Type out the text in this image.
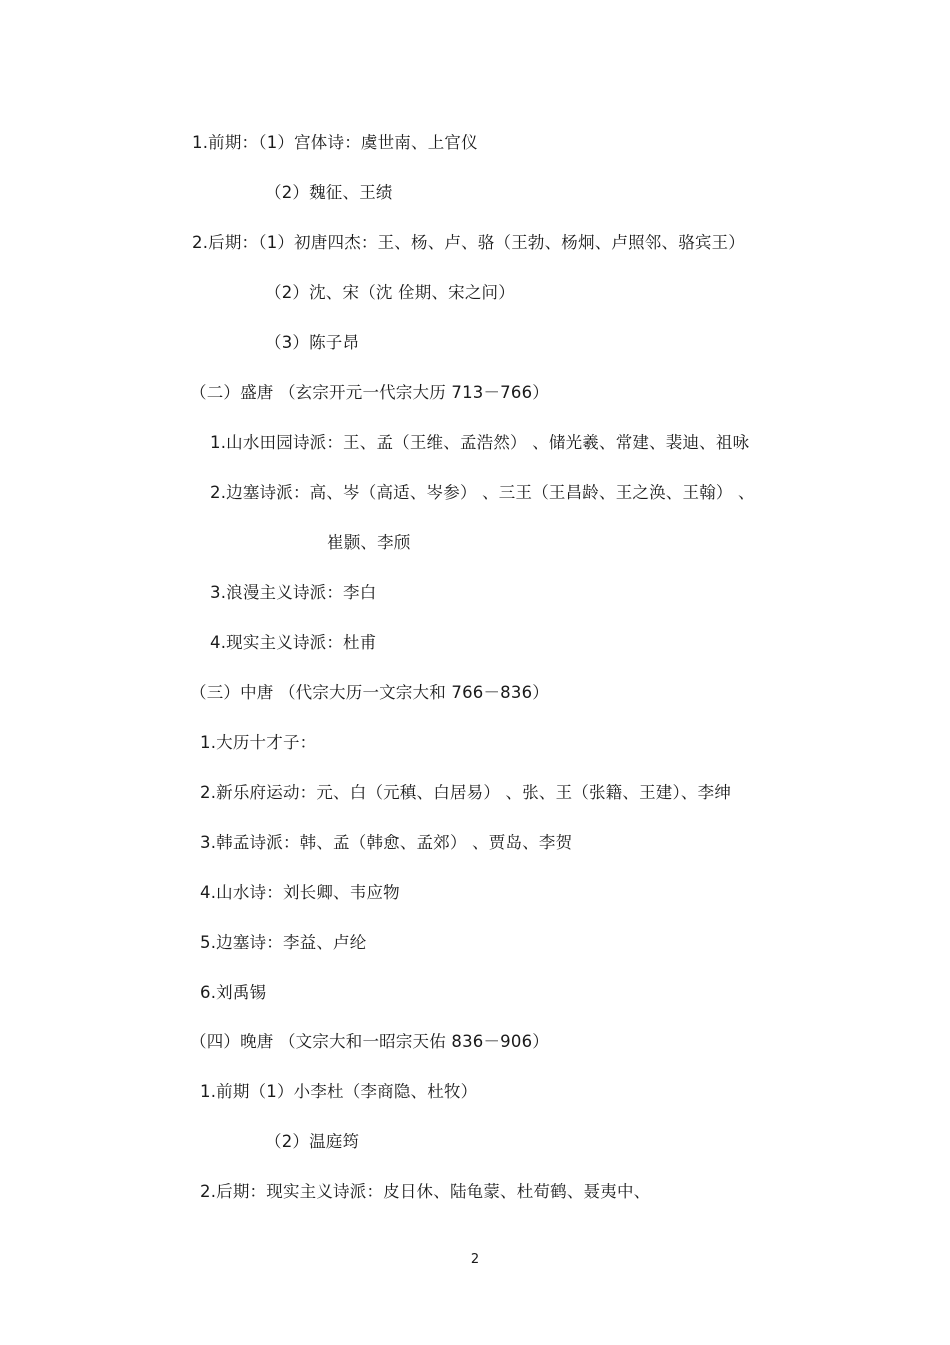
1.前期：（1）宫体诗：虞世南、上官仪
（2）魏征、王绩
2.后期：（1）初唐四杰：王、杨、卢、骆（王勃、杨炯、卢照邻、骆宾王）
（2）沈、宋（沈 佺期、宋之问）
（3）陈子昂
（二）盛唐 （玄宗开元一代宗大历 713－766）
1.山水田园诗派：王、孟（王维、孟浩然） 、储光羲、常建、裴迪、祖咏
2.边塞诗派：高、岑（高适、岑参） 、三王（王昌龄、王之涣、王翰） 、
崔颢、李颀
3.浪漫主义诗派：李白
4.现实主义诗派：杜甫
（三）中唐 （代宗大历一文宗大和 766－836）
1.大历十才子：
2.新乐府运动：元、白（元稹、白居易） 、张、王（张籍、王建）、李绅
3.韩孟诗派：韩、孟（韩愈、孟郊） 、贾岛、李贺
4.山水诗：刘长卿、韦应物
5.边塞诗：李益、卢纶
6.刘禹锡
（四）晚唐 （文宗大和一昭宗天佑 836－906）
1.前期（1）小李杜（李商隐、杜牧）
（2）温庭筠
2.后期：现实主义诗派：皮日休、陆龟蒙、杜荀鹤、聂夷中、
2
